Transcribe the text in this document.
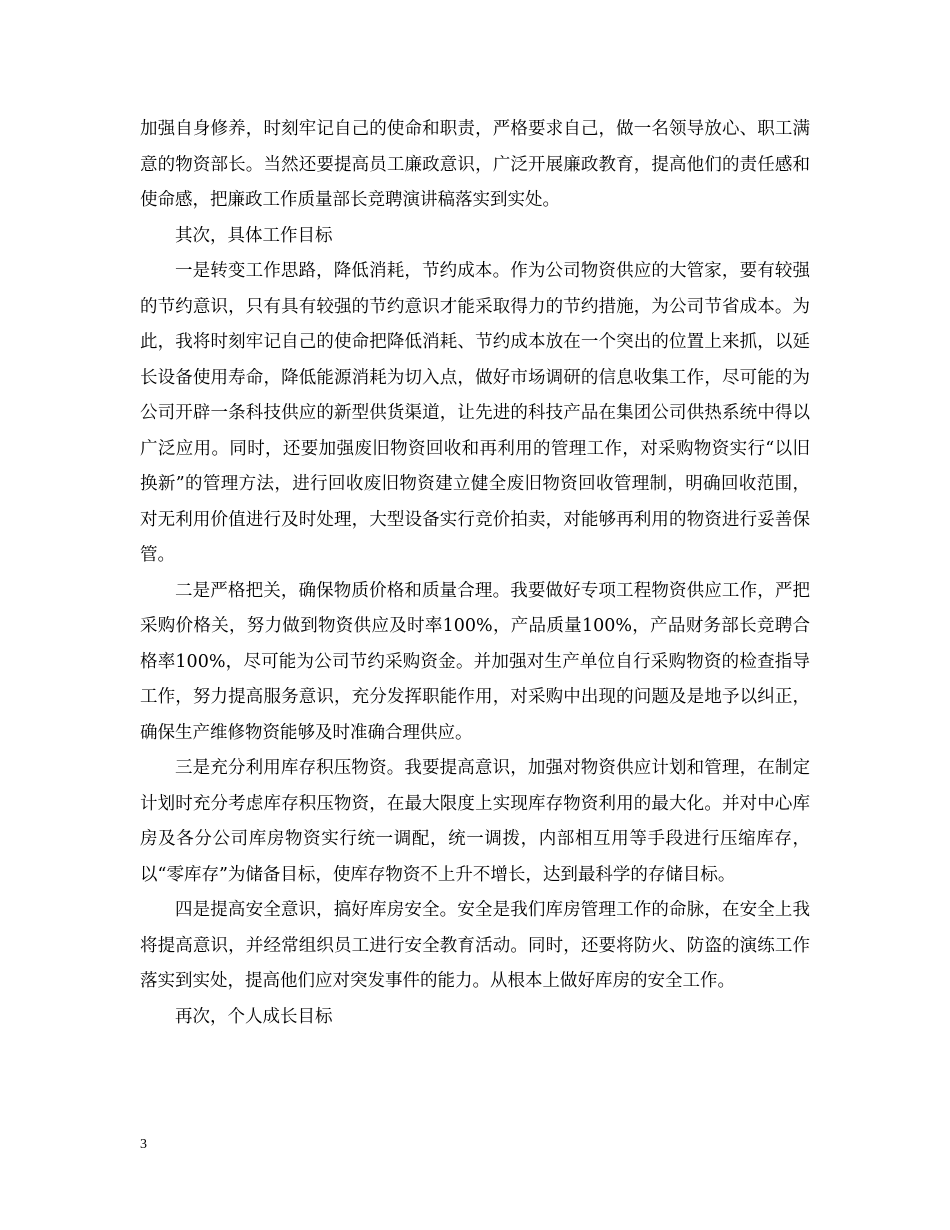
加强自身修养，时刻牢记自己的使命和职责，严格要求自己，做一名领导放心、职工满意的物资部长。当然还要提高员工廉政意识，广泛开展廉政教育，提高他们的责任感和使命感，把廉政工作质量部长竞聘演讲稿落实到实处。

其次，具体工作目标

一是转变工作思路，降低消耗，节约成本。作为公司物资供应的大管家，要有较强的节约意识，只有具有较强的节约意识才能采取得力的节约措施，为公司节省成本。为此，我将时刻牢记自己的使命把降低消耗、节约成本放在一个突出的位置上来抓，以延长设备使用寿命，降低能源消耗为切入点，做好市场调研的信息收集工作，尽可能的为公司开辟一条科技供应的新型供货渠道，让先进的科技产品在集团公司供热系统中得以广泛应用。同时，还要加强废旧物资回收和再利用的管理工作，对采购物资实行“以旧换新”的管理方法，进行回收废旧物资建立健全废旧物资回收管理制，明确回收范围，对无利用价值进行及时处理，大型设备实行竞价拍卖，对能够再利用的物资进行妥善保管。

二是严格把关，确保物质价格和质量合理。我要做好专项工程物资供应工作，严把采购价格关，努力做到物资供应及时率100%，产品质量100%，产品财务部长竞聘合格率100%，尽可能为公司节约采购资金。并加强对生产单位自行采购物资的检查指导工作，努力提高服务意识，充分发挥职能作用，对采购中出现的问题及是地予以纠正，确保生产维修物资能够及时准确合理供应。

三是充分利用库存积压物资。我要提高意识，加强对物资供应计划和管理，在制定计划时充分考虑库存积压物资，在最大限度上实现库存物资利用的最大化。并对中心库房及各分公司库房物资实行统一调配，统一调拨，内部相互用等手段进行压缩库存，以“零库存”为储备目标，使库存物资不上升不增长，达到最科学的存储目标。

四是提高安全意识，搞好库房安全。安全是我们库房管理工作的命脉，在安全上我将提高意识，并经常组织员工进行安全教育活动。同时，还要将防火、防盗的演练工作落实到实处，提高他们应对突发事件的能力。从根本上做好库房的安全工作。

再次，个人成长目标

3
